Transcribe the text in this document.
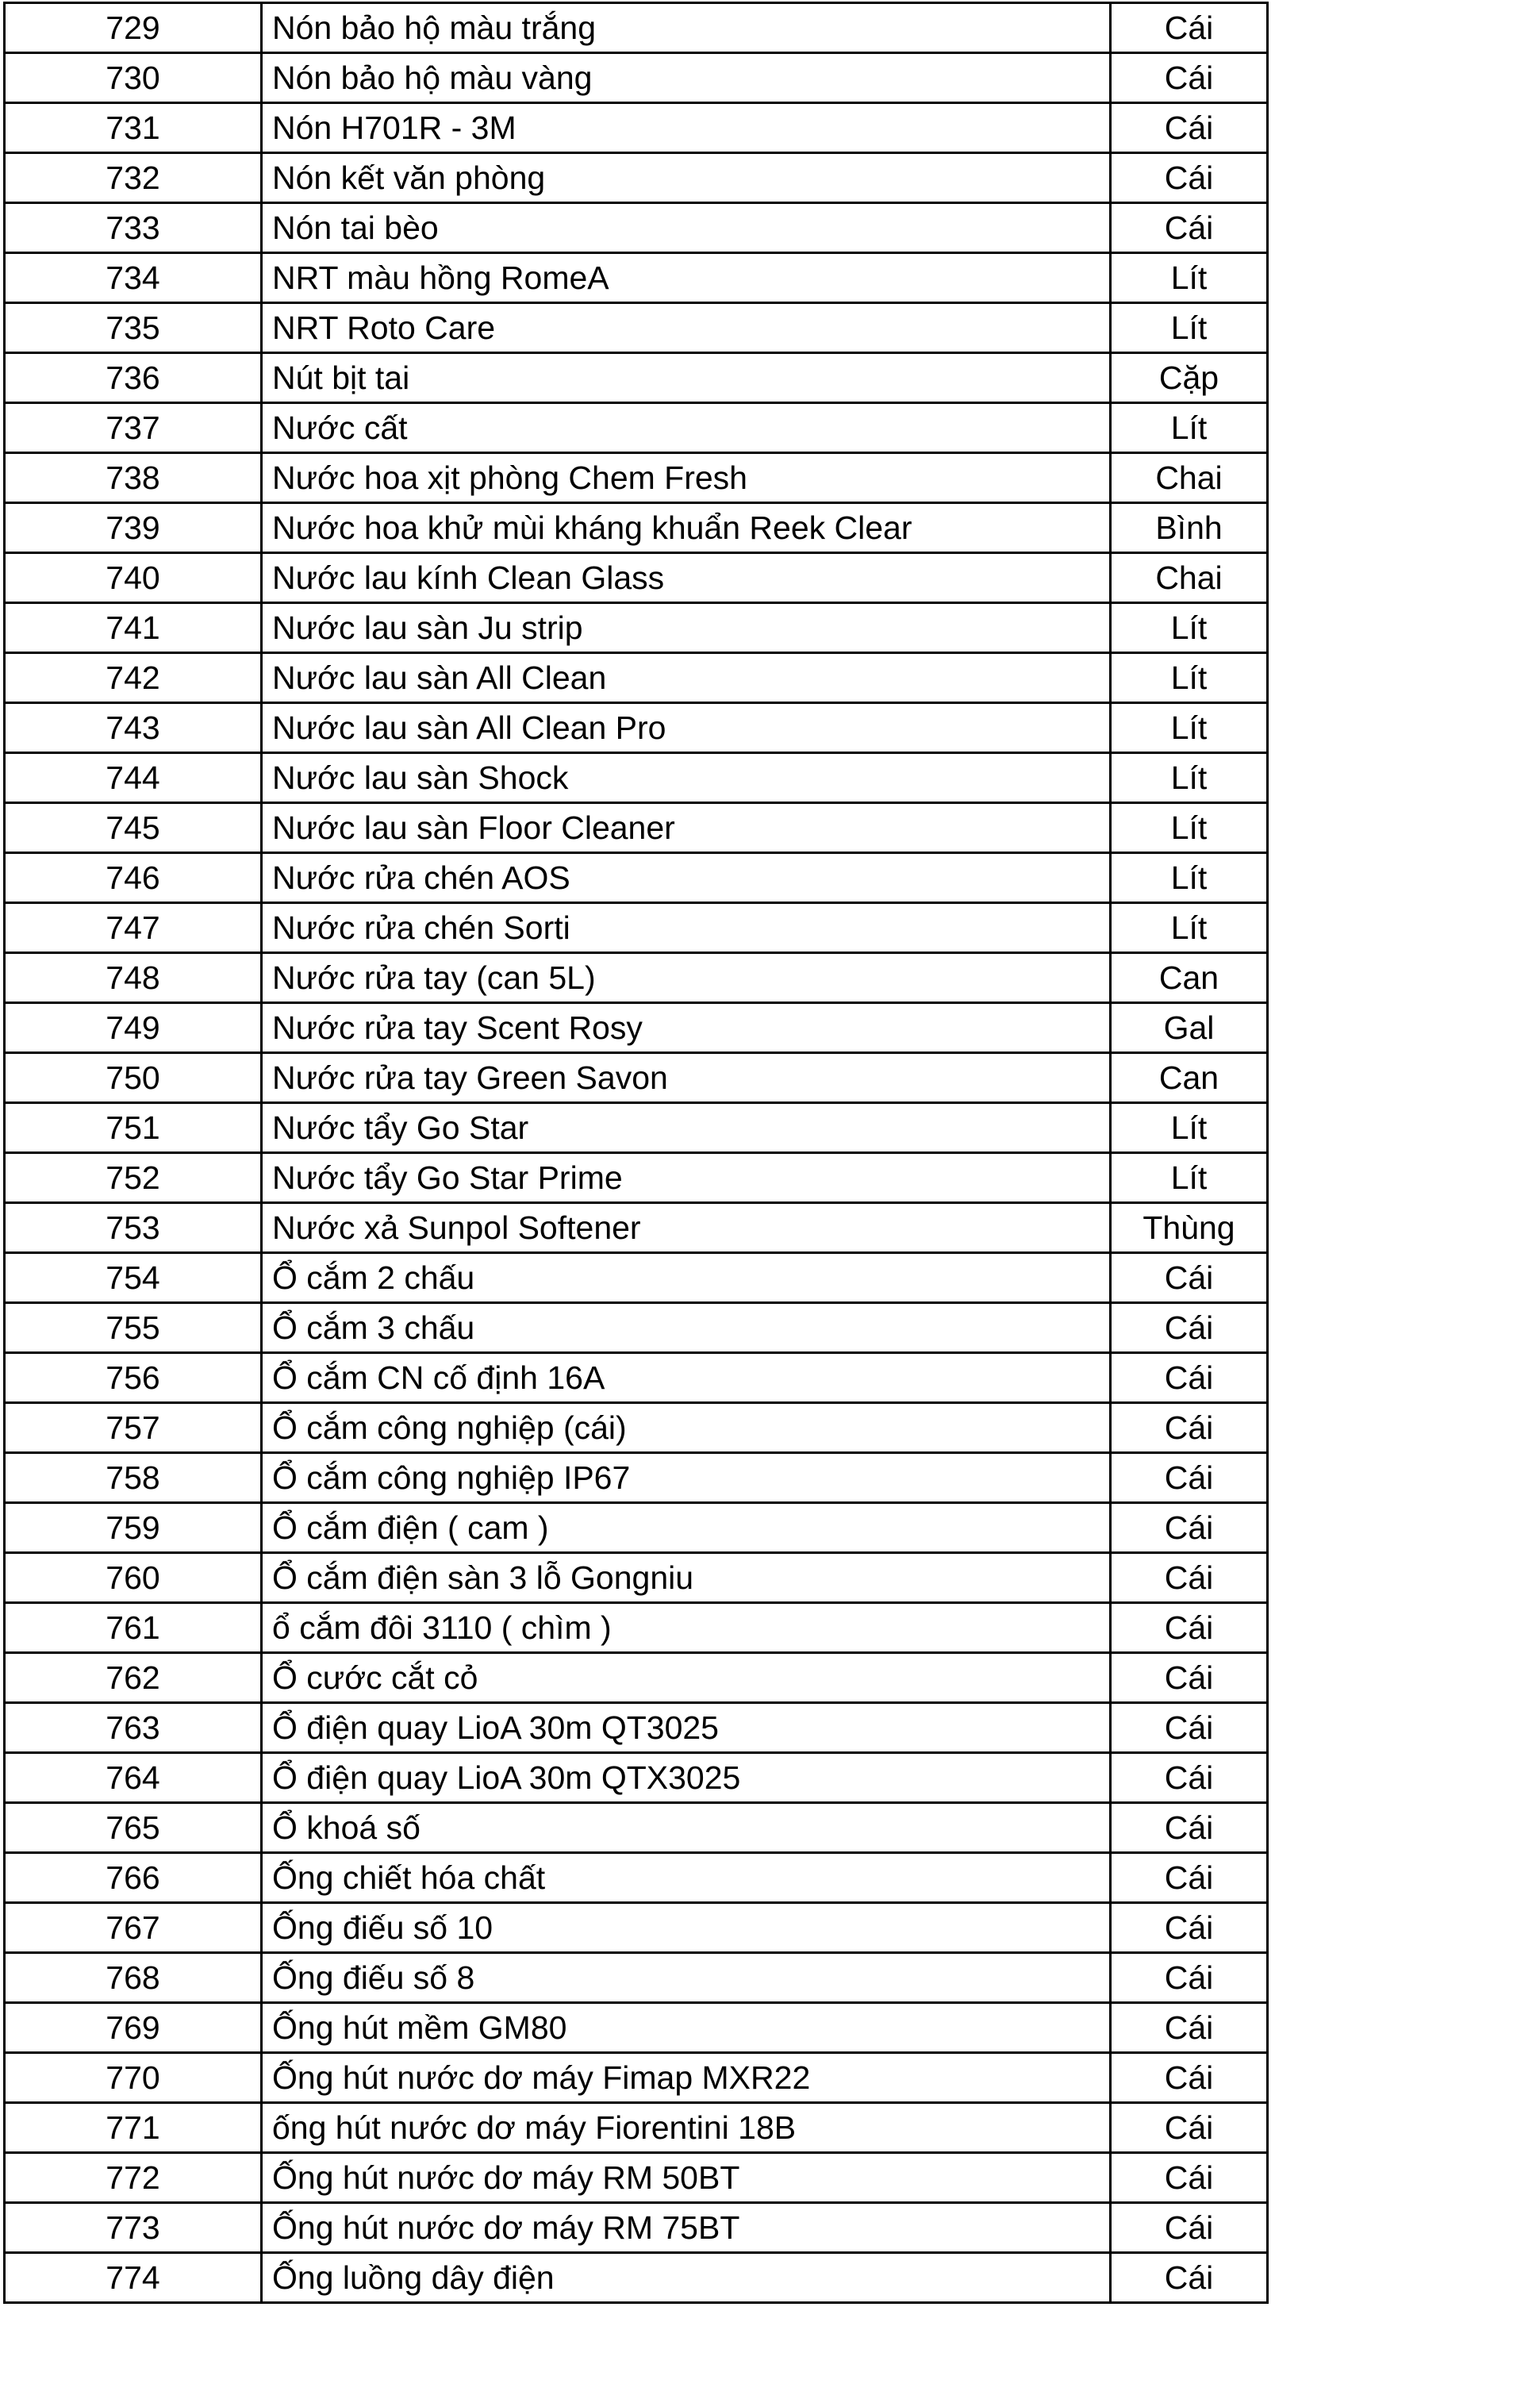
729	Nón bảo hộ màu trắng	Cái
730	Nón bảo hộ màu vàng	Cái
731	Nón H701R - 3M	Cái
732	Nón kết văn phòng	Cái
733	Nón tai bèo	Cái
734	NRT màu hồng RomeA	Lít
735	NRT Roto Care	Lít
736	Nút bịt tai	Cặp
737	Nước cất	Lít
738	Nước hoa xịt phòng Chem Fresh	Chai
739	Nước hoa khử mùi kháng khuẩn Reek Clear	Bình
740	Nước lau kính Clean Glass	Chai
741	Nước lau sàn Ju strip	Lít
742	Nước lau sàn All Clean	Lít
743	Nước lau sàn All Clean Pro	Lít
744	Nước lau sàn Shock	Lít
745	Nước lau sàn Floor Cleaner	Lít
746	Nước rửa chén AOS	Lít
747	Nước rửa chén Sorti	Lít
748	Nước rửa tay (can 5L)	Can
749	Nước rửa tay Scent Rosy	Gal
750	Nước rửa tay Green Savon	Can
751	Nước tẩy Go Star	Lít
752	Nước tẩy Go Star Prime	Lít
753	Nước xả Sunpol Softener	Thùng
754	Ổ cắm 2 chấu	Cái
755	Ổ cắm 3 chấu	Cái
756	Ổ cắm CN cố định 16A	Cái
757	Ổ cắm công nghiệp (cái)	Cái
758	Ổ cắm công nghiệp IP67	Cái
759	Ổ cắm điện ( cam )	Cái
760	Ổ cắm điện sàn 3 lỗ Gongniu	Cái
761	ổ cắm đôi 3110 ( chìm )	Cái
762	Ổ cước cắt cỏ	Cái
763	Ổ điện quay LioA 30m QT3025	Cái
764	Ổ điện quay LioA 30m QTX3025	Cái
765	Ổ khoá số	Cái
766	Ống chiết hóa chất	Cái
767	Ống điếu số 10	Cái
768	Ống điếu số 8	Cái
769	Ống hút mềm GM80	Cái
770	Ống hút nước dơ máy Fimap MXR22	Cái
771	ống hút nước dơ máy Fiorentini 18B	Cái
772	Ống hút nước dơ máy RM 50BT	Cái
773	Ống hút nước dơ máy RM 75BT	Cái
774	Ống luồng dây điện	Cái
